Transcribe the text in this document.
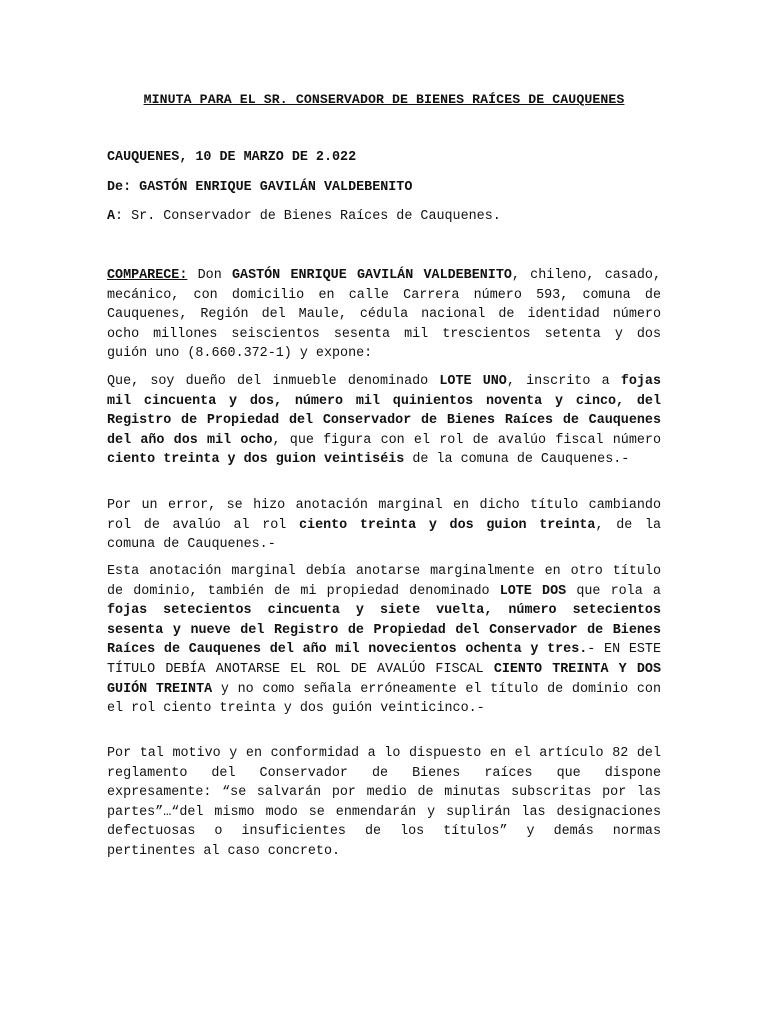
MINUTA PARA EL SR. CONSERVADOR DE BIENES RAÍCES DE CAUQUENES
CAUQUENES, 10 DE MARZO DE 2.022
De: GASTÓN ENRIQUE GAVILÁN VALDEBENITO
A: Sr. Conservador de Bienes Raíces de Cauquenes.

COMPARECE: Don GASTÓN ENRIQUE GAVILÁN VALDEBENITO, chileno, casado, mecánico, con domicilio en calle Carrera número 593, comuna de Cauquenes, Región del Maule, cédula nacional de identidad número ocho millones seiscientos sesenta mil trescientos setenta y dos guión uno (8.660.372-1) y expone:

Que, soy dueño del inmueble denominado LOTE UNO, inscrito a fojas mil cincuenta y dos, número mil quinientos noventa y cinco, del Registro de Propiedad del Conservador de Bienes Raíces de Cauquenes del año dos mil ocho, que figura con el rol de avalúo fiscal número ciento treinta y dos guion veintiséis de la comuna de Cauquenes.-

Por un error, se hizo anotación marginal en dicho título cambiando rol de avalúo al rol ciento treinta y dos guion treinta, de la comuna de Cauquenes.-

Esta anotación marginal debía anotarse marginalmente en otro título de dominio, también de mi propiedad denominado LOTE DOS que rola a fojas setecientos cincuenta y siete vuelta, número setecientos sesenta y nueve del Registro de Propiedad del Conservador de Bienes Raíces de Cauquenes del año mil novecientos ochenta y tres.- EN ESTE TÍTULO DEBÍA ANOTARSE EL ROL DE AVALÚO FISCAL CIENTO TREINTA Y DOS GUIÓN TREINTA y no como señala erróneamente el título de dominio con el rol ciento treinta y dos guión veinticinco.-

Por tal motivo y en conformidad a lo dispuesto en el artículo 82 del reglamento del Conservador de Bienes raíces que dispone expresamente: “se salvarán por medio de minutas subscritas por las partes”…“del mismo modo se enmendarán y suplirán las designaciones defectuosas o insuficientes de los títulos” y demás normas pertinentes al caso concreto.
